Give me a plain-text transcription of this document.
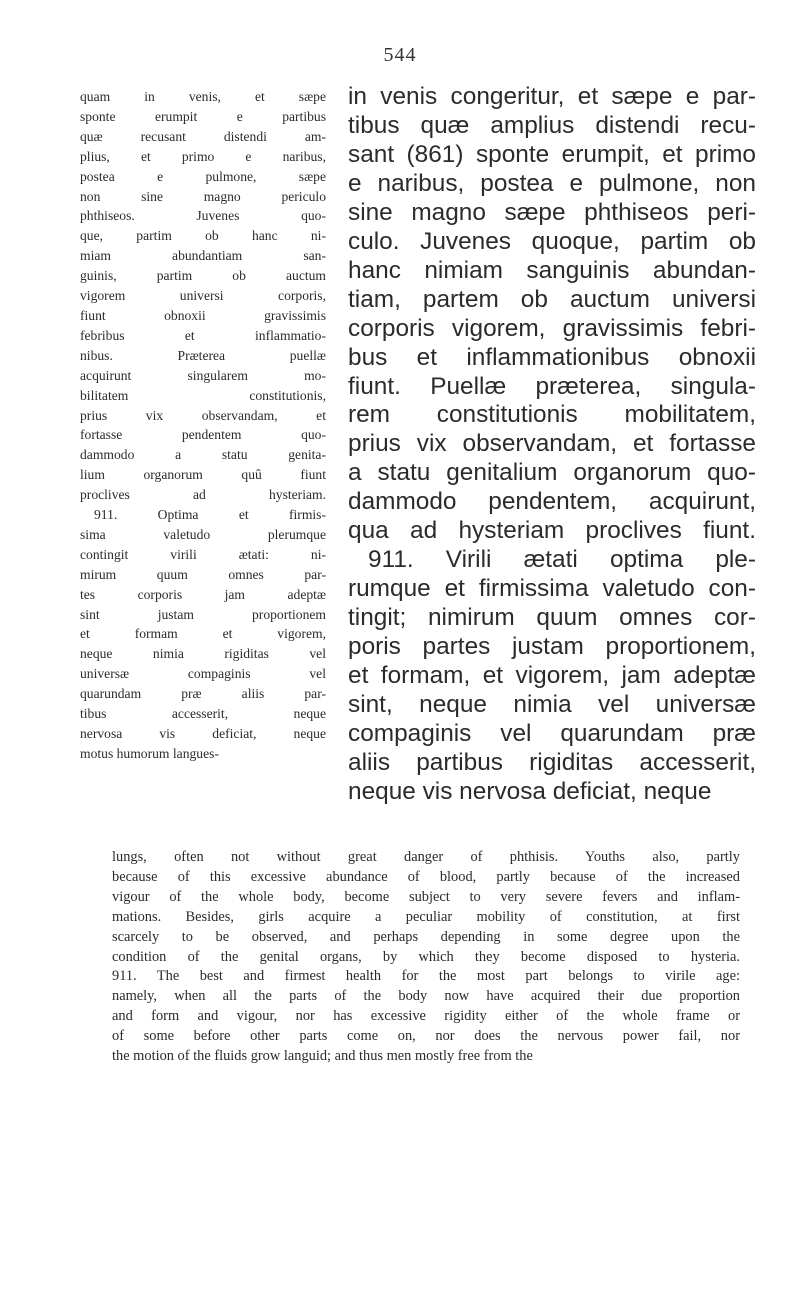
544
quam in venis, et sæpe
sponte erumpit e partibus
quæ recusant distendi am-
plius, et primo e naribus,
postea e pulmone, sæpe
non sine magno periculo
phthiseos. Juvenes quo-
que, partim ob hanc ni-
miam abundantiam san-
guinis, partim ob auctum
vigorem universi corporis,
fiunt obnoxii gravissimis
febribus et inflammatio-
nibus. Præterea puellæ
acquirunt singularem mo-
bilitatem constitutionis,
prius vix observandam, et
fortasse pendentem quo-
dammodo a statu genita-
lium organorum quû fiunt
proclives ad hysteriam.
911. Optima et firmis-
sima valetudo plerumque
contingit virili ætati: ni-
mirum quum omnes par-
tes corporis jam adeptæ
sint justam proportionem
et formam et vigorem,
neque nimia rigiditas vel
universæ compaginis vel
quarundam præ aliis par-
tibus accesserit, neque
nervosa vis deficiat, neque
motus humorum langues-
in venis congeritur, et sæpe e par-
tibus quæ amplius distendi recu-
sant (861) sponte erumpit, et primo
e naribus, postea e pulmone, non
sine magno sæpe phthiseos peri-
culo. Juvenes quoque, partim ob
hanc nimiam sanguinis abundan-
tiam, partem ob auctum universi
corporis vigorem, gravissimis febri-
bus et inflammationibus obnoxii
fiunt. Puellæ præterea, singula-
rem constitutionis mobilitatem,
prius vix observandam, et fortasse
a statu genitalium organorum quo-
dammodo pendentem, acquirunt,
qua ad hysteriam proclives fiunt.
911. Virili ætati optima ple-
rumque et firmissima valetudo con-
tingit; nimirum quum omnes cor-
poris partes justam proportionem,
et formam, et vigorem, jam adeptæ
sint, neque nimia vel universæ
compaginis vel quarundam præ
aliis partibus rigiditas accesserit,
neque vis nervosa deficiat, neque
lungs, often not without great danger of phthisis. Youths also, partly
because of this excessive abundance of blood, partly because of the increased
vigour of the whole body, become subject to very severe fevers and inflam-
mations. Besides, girls acquire a peculiar mobility of constitution, at first
scarcely to be observed, and perhaps depending in some degree upon the
condition of the genital organs, by which they become disposed to hysteria.
911. The best and firmest health for the most part belongs to virile age:
namely, when all the parts of the body now have acquired their due proportion
and form and vigour, nor has excessive rigidity either of the whole frame or
of some before other parts come on, nor does the nervous power fail, nor
the motion of the fluids grow languid; and thus men mostly free from the
